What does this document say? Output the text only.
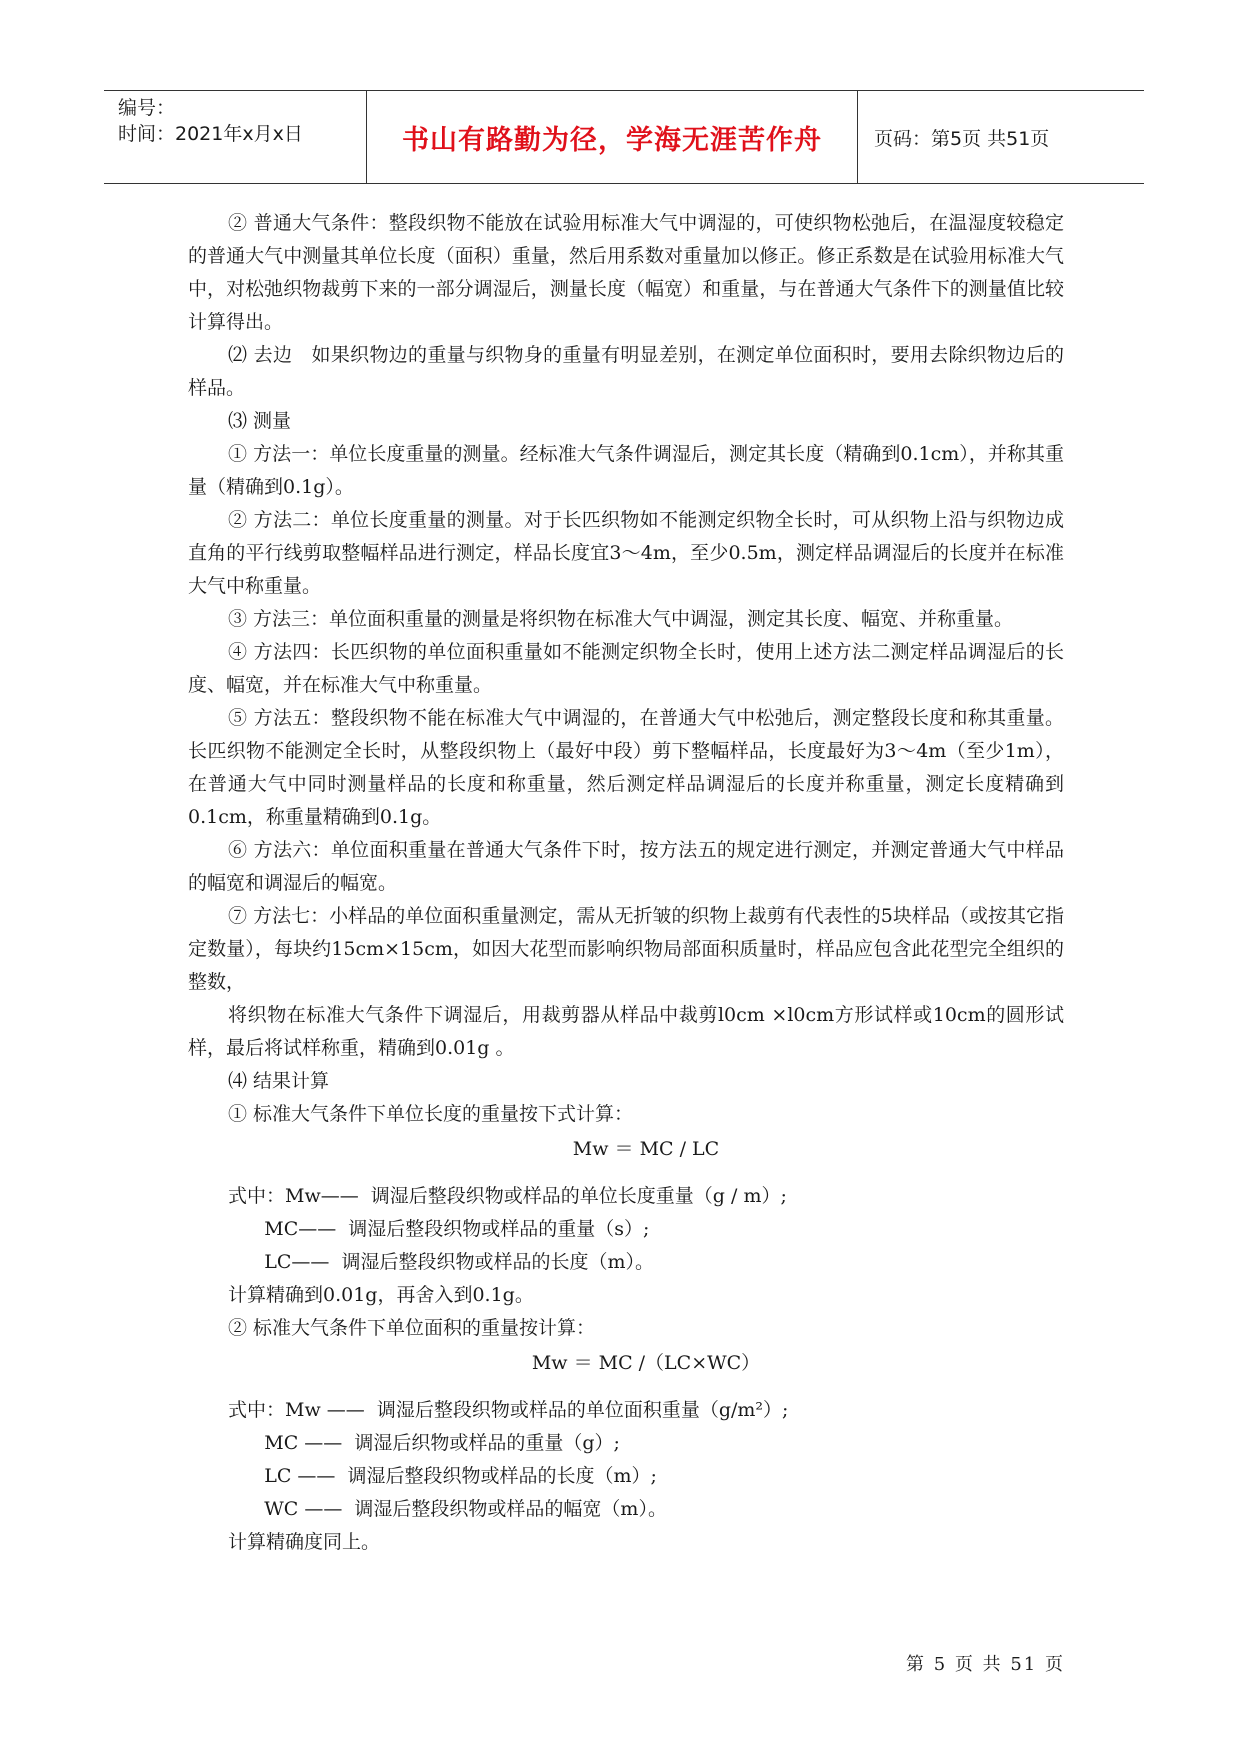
编号：
时间：2021年x月x日	书山有路勤为径，学海无涯苦作舟	页码：第5页 共51页
② 普通大气条件：整段织物不能放在试验用标准大气中调湿的，可使织物松弛后，在温湿度较稳定的普通大气中测量其单位长度（面积）重量，然后用系数对重量加以修正。修正系数是在试验用标准大气中，对松弛织物裁剪下来的一部分调湿后，测量长度（幅宽）和重量，与在普通大气条件下的测量值比较计算得出。
⑵ 去边　如果织物边的重量与织物身的重量有明显差别，在测定单位面积时，要用去除织物边后的样品。
⑶ 测量
① 方法一：单位长度重量的测量。经标准大气条件调湿后，测定其长度（精确到0.1cm），并称其重量（精确到0.1g）。
② 方法二：单位长度重量的测量。对于长匹织物如不能测定织物全长时，可从织物上沿与织物边成直角的平行线剪取整幅样品进行测定，样品长度宜3～4m，至少0.5m，测定样品调湿后的长度并在标准大气中称重量。
③ 方法三：单位面积重量的测量是将织物在标准大气中调湿，测定其长度、幅宽、并称重量。
④ 方法四：长匹织物的单位面积重量如不能测定织物全长时，使用上述方法二测定样品调湿后的长度、幅宽，并在标准大气中称重量。
⑤ 方法五：整段织物不能在标准大气中调湿的，在普通大气中松弛后，测定整段长度和称其重量。长匹织物不能测定全长时，从整段织物上（最好中段）剪下整幅样品，长度最好为3～4m（至少1m），在普通大气中同时测量样品的长度和称重量，然后测定样品调湿后的长度并称重量，测定长度精确到0.1cm，称重量精确到0.1g。
⑥ 方法六：单位面积重量在普通大气条件下时，按方法五的规定进行测定，并测定普通大气中样品的幅宽和调湿后的幅宽。
⑦ 方法七：小样品的单位面积重量测定，需从无折皱的织物上裁剪有代表性的5块样品（或按其它指定数量），每块约15cm×15cm，如因大花型而影响织物局部面积质量时，样品应包含此花型完全组织的整数，
将织物在标准大气条件下调湿后，用裁剪器从样品中裁剪l0cm ×l0cm方形试样或10cm的圆形试样，最后将试样称重，精确到0.01g 。
⑷ 结果计算
① 标准大气条件下单位长度的重量按下式计算：
Mw ＝ MC / LC
式中：Mw——  调湿后整段织物或样品的单位长度重量（g / m）;
MC——  调湿后整段织物或样品的重量（s）;
LC——  调湿后整段织物或样品的长度（m）。
计算精确到0.01g，再舍入到0.1g。
② 标准大气条件下单位面积的重量按计算：
Mw ＝ MC /（LC×WC）
式中：Mw ——  调湿后整段织物或样品的单位面积重量（g/m²）;
MC ——  调湿后织物或样品的重量（g）;
LC ——  调湿后整段织物或样品的长度（m）;
WC ——  调湿后整段织物或样品的幅宽（m）。
计算精确度同上。
第 5 页 共 51 页
